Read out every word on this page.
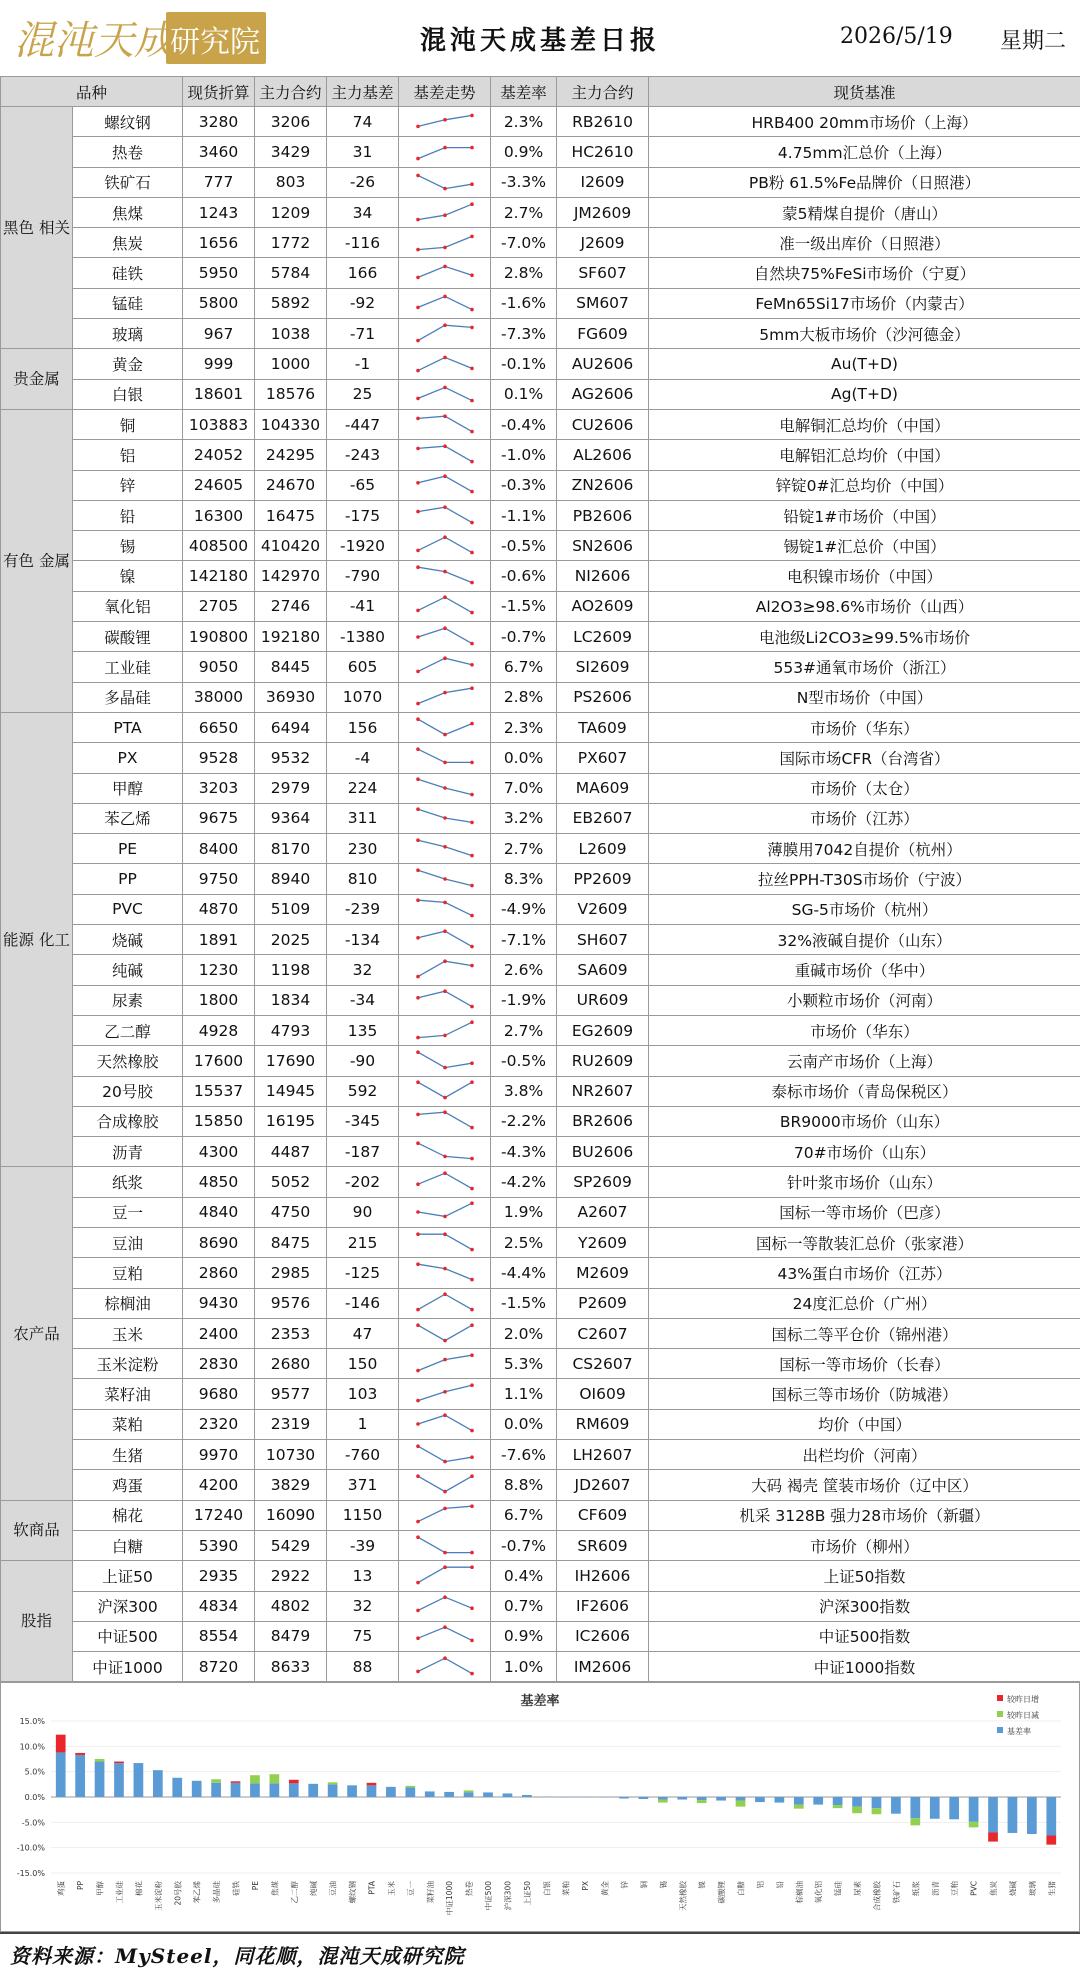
混沌天成
研究院	混沌天成基差日报	2026/5/19 星期二
品种		现货折算	主力合约	主力基差	基差走势	基差率	主力合约	现货基准
黑色 相关	螺纹钢	3280	3206	74		2.3%	RB2610	HRB400 20mm市场价（上海）
	热卷	3460	3429	31		0.9%	HC2610	4.75mm汇总价（上海）
	铁矿石	777	803	-26		-3.3%	I2609	PB粉 61.5%Fe品牌价（日照港）
	焦煤	1243	1209	34		2.7%	JM2609	蒙5精煤自提价（唐山）
	焦炭	1656	1772	-116		-7.0%	J2609	准一级出库价（日照港）
	硅铁	5950	5784	166		2.8%	SF607	自然块75%FeSi市场价（宁夏）
	锰硅	5800	5892	-92		-1.6%	SM607	FeMn65Si17市场价（内蒙古）
	玻璃	967	1038	-71		-7.3%	FG609	5mm大板市场价（沙河德金）
贵金属	黄金	999	1000	-1		-0.1%	AU2606	Au(T+D)
	白银	18601	18576	25		0.1%	AG2606	Ag(T+D)
有色 金属	铜	103883	104330	-447		-0.4%	CU2606	电解铜汇总均价（中国）
	铝	24052	24295	-243		-1.0%	AL2606	电解铝汇总均价（中国）
	锌	24605	24670	-65		-0.3%	ZN2606	锌锭0#汇总均价（中国）
	铅	16300	16475	-175		-1.1%	PB2606	铅锭1#市场价（中国）
	锡	408500	410420	-1920		-0.5%	SN2606	锡锭1#汇总价（中国）
	镍	142180	142970	-790		-0.6%	NI2606	电积镍市场价（中国）
	氧化铝	2705	2746	-41		-1.5%	AO2609	Al2O3≥98.6%市场价（山西）
	碳酸锂	190800	192180	-1380		-0.7%	LC2609	电池级Li2CO3≥99.5%市场价
	工业硅	9050	8445	605		6.7%	SI2609	553#通氧市场价（浙江）
	多晶硅	38000	36930	1070		2.8%	PS2606	N型市场价（中国）
能源 化工	PTA	6650	6494	156		2.3%	TA609	市场价（华东）
	PX	9528	9532	-4		0.0%	PX607	国际市场CFR（台湾省）
	甲醇	3203	2979	224		7.0%	MA609	市场价（太仓）
	苯乙烯	9675	9364	311		3.2%	EB2607	市场价（江苏）
	PE	8400	8170	230		2.7%	L2609	薄膜用7042自提价（杭州）
	PP	9750	8940	810		8.3%	PP2609	拉丝PPH-T30S市场价（宁波）
	PVC	4870	5109	-239		-4.9%	V2609	SG-5市场价（杭州）
	烧碱	1891	2025	-134		-7.1%	SH607	32%液碱自提价（山东）
	纯碱	1230	1198	32		2.6%	SA609	重碱市场价（华中）
	尿素	1800	1834	-34		-1.9%	UR609	小颗粒市场价（河南）
	乙二醇	4928	4793	135		2.7%	EG2609	市场价（华东）
	天然橡胶	17600	17690	-90		-0.5%	RU2609	云南产市场价（上海）
	20号胶	15537	14945	592		3.8%	NR2607	泰标市场价（青岛保税区）
	合成橡胶	15850	16195	-345		-2.2%	BR2606	BR9000市场价（山东）
	沥青	4300	4487	-187		-4.3%	BU2606	70#市场价（山东）
农产品	纸浆	4850	5052	-202		-4.2%	SP2609	针叶浆市场价（山东）
	豆一	4840	4750	90		1.9%	A2607	国标一等市场价（巴彦）
	豆油	8690	8475	215		2.5%	Y2609	国标一等散装汇总价（张家港）
	豆粕	2860	2985	-125		-4.4%	M2609	43%蛋白市场价（江苏）
	棕榈油	9430	9576	-146		-1.5%	P2609	24度汇总价（广州）
	玉米	2400	2353	47		2.0%	C2607	国标二等平仓价（锦州港）
	玉米淀粉	2830	2680	150		5.3%	CS2607	国标一等市场价（长春）
	菜籽油	9680	9577	103		1.1%	OI609	国标三等市场价（防城港）
	菜粕	2320	2319	1		0.0%	RM609	均价（中国）
	生猪	9970	10730	-760		-7.6%	LH2607	出栏均价（河南）
	鸡蛋	4200	3829	371		8.8%	JD2607	大码 褐壳 筐装市场价（辽中区）
软商品	棉花	17240	16090	1150		6.7%	CF609	机采 3128B 强力28市场价（新疆）
	白糖	5390	5429	-39		-0.7%	SR609	市场价（柳州）
股指	上证50	2935	2922	13		0.4%	IH2606	上证50指数
	沪深300	4834	4802	32		0.7%	IF2606	沪深300指数
	中证500	8554	8479	75		0.9%	IC2606	中证500指数
	中证1000	8720	8633	88		1.0%	IM2606	中证1000指数
基差率
15.0%
10.0%
5.0%
0.0%
-5.0%
-10.0%
-15.0%
鸡蛋 PP 甲醇 工业硅 棉花 玉米淀粉 20号胶 苯乙烯 多晶硅 硅铁 PE 焦煤 乙二醇 纯碱 豆油 螺纹钢 PTA 玉米 豆一 菜籽油 中证1000 热卷 中证500 沪深300 上证50 白银 菜粕 PX 黄金 锌 铜 锡 天然橡胶 镍 碳酸锂 白糖 铝 铅 棕榈油 氧化铝 锰硅 尿素 合成橡胶 铁矿石 纸浆 沥青 豆粕 PVC 焦炭 烧碱 玻璃 生猪
较昨日增
较昨日减
基差率
资料来源：MySteel，同花顺，混沌天成研究院
